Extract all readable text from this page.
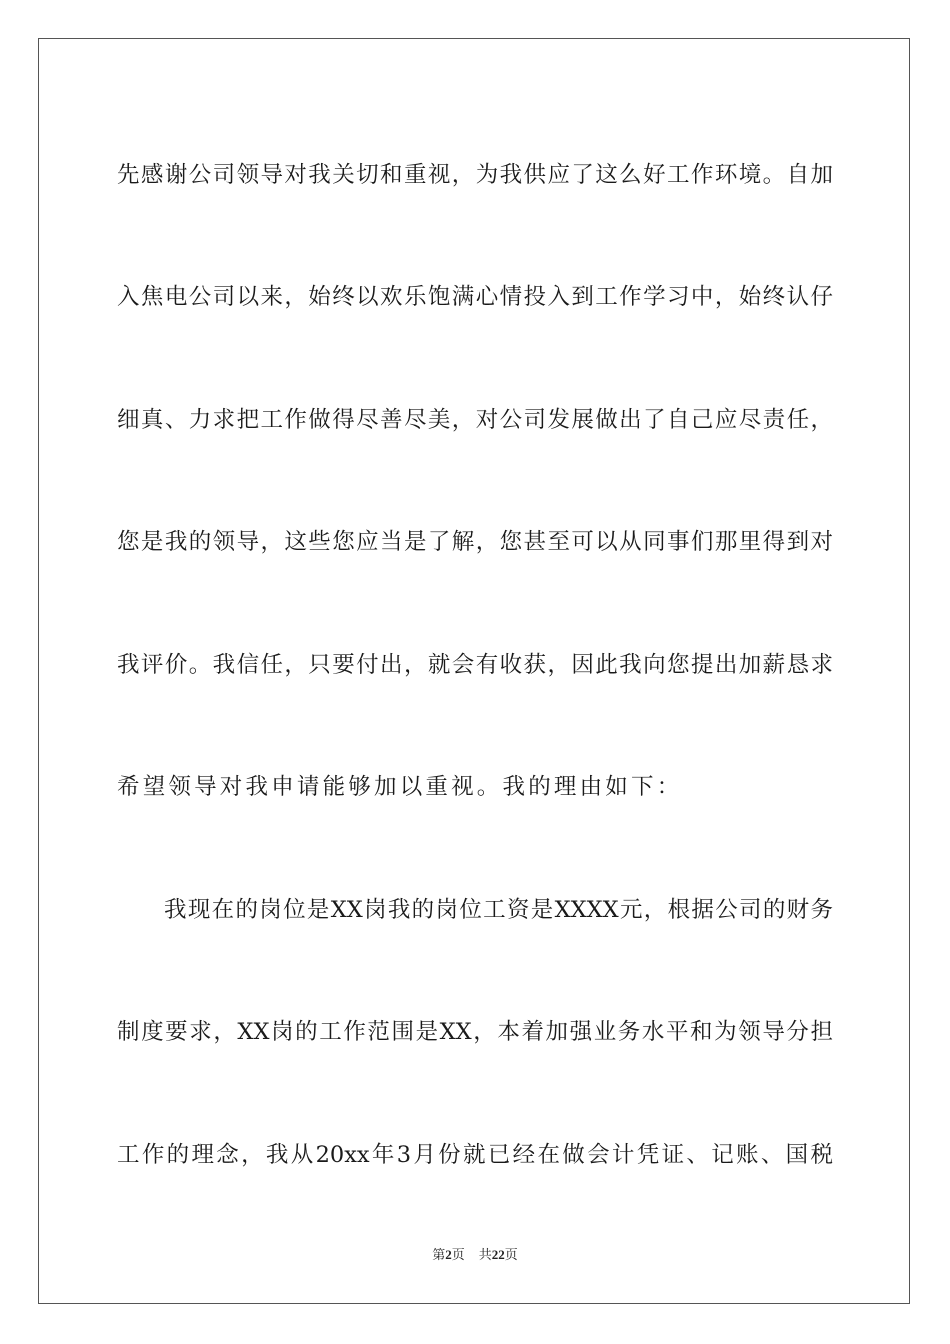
先感谢公司领导对我关切和重视，为我供应了这么好工作环境。自加

入焦电公司以来，始终以欢乐饱满心情投入到工作学习中，始终认仔

细真、力求把工作做得尽善尽美，对公司发展做出了自己应尽责任，

您是我的领导，这些您应当是了解，您甚至可以从同事们那里得到对

我评价。我信任，只要付出，就会有收获，因此我向您提出加薪恳求

希望领导对我申请能够加以重视。我的理由如下：

我现在的岗位是XX岗我的岗位工资是XXXX元，根据公司的财务

制度要求，XX岗的工作范围是XX，本着加强业务水平和为领导分担

工作的理念，我从20xx年3月份就已经在做会计凭证、记账、国税

第2页 共22页
